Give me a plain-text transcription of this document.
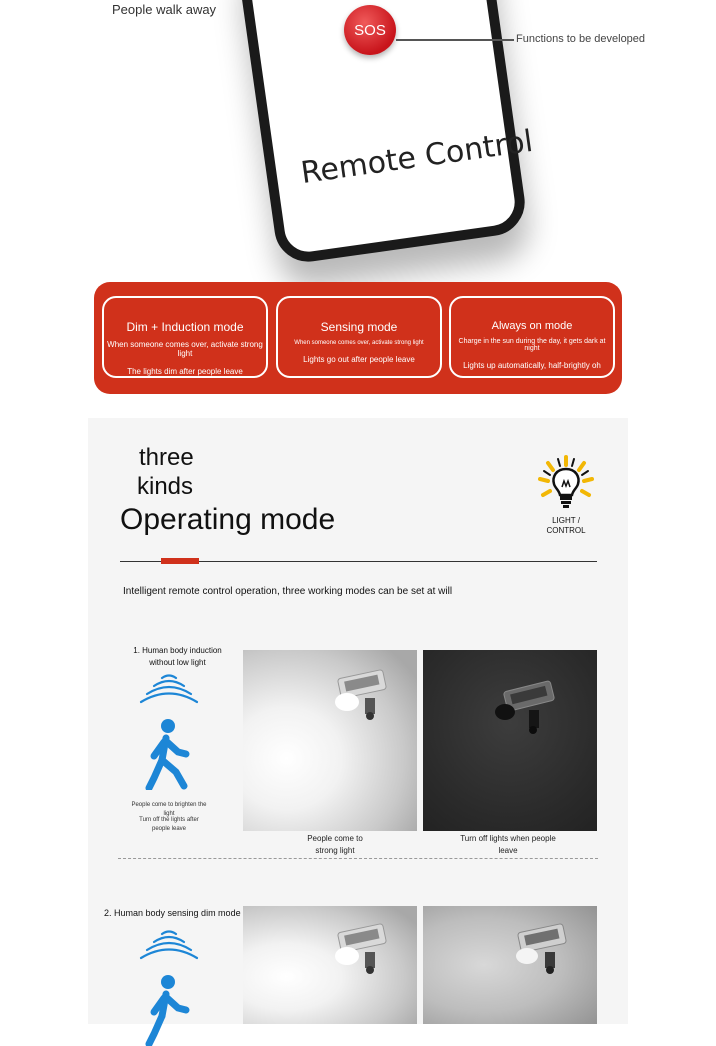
People walk away
Remote Control
SOS
Functions to be developed
Dim + Induction mode
When someone comes over, activate strong light
The lights dim after people leave
Sensing mode
When someone comes over, activate strong light
Lights go out after people leave
Always on mode
Charge in the sun during the day, it gets dark at night
Lights up automatically, half-brightly oh
three
kinds
Operating mode	LIGHT /
CONTROL
Intelligent remote control operation, three working modes can be set at will
1. Human body induction without low light
People come to brighten the light
Turn off the lights after people leave
People come to strong light
Turn off lights when people leave
2. Human body sensing dim mode
